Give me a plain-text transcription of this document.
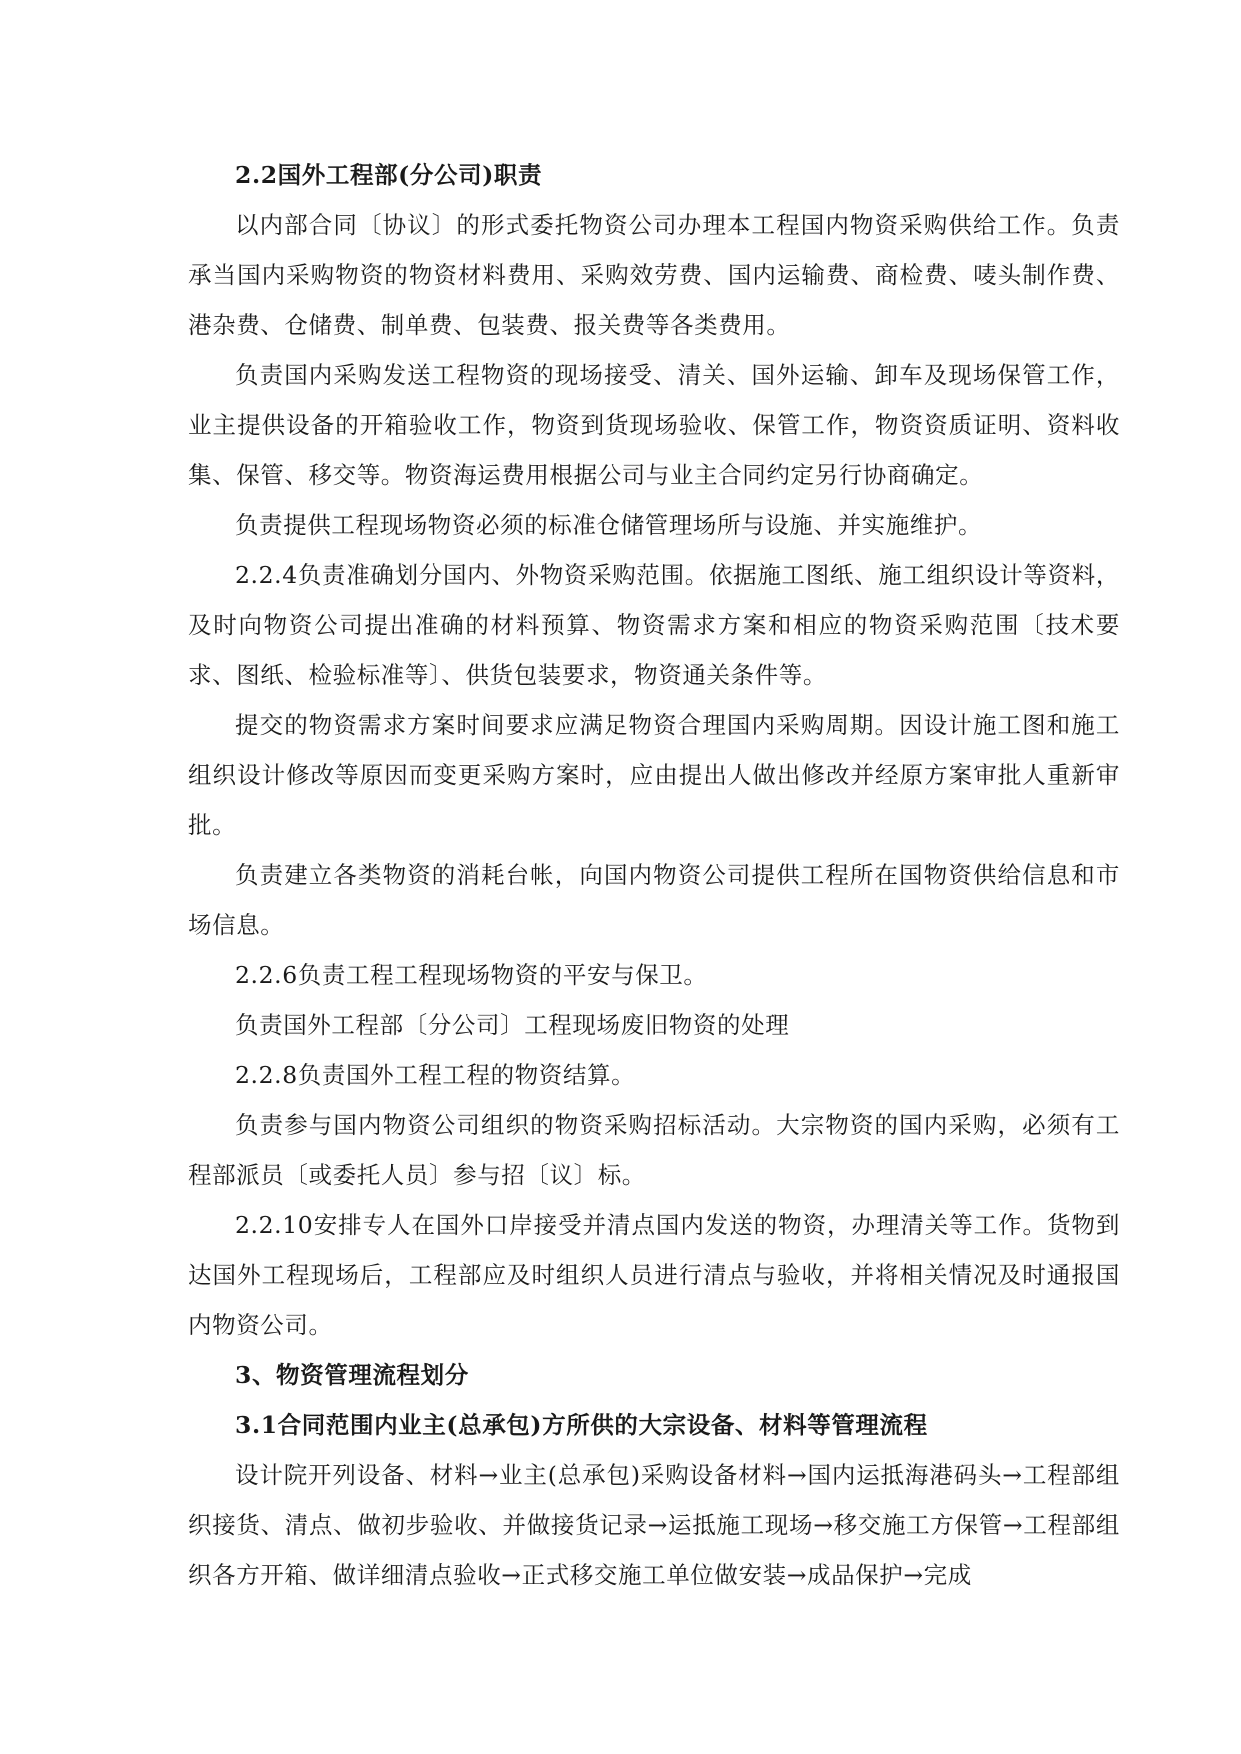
2.2国外工程部(分公司)职责

以内部合同〔协议〕的形式委托物资公司办理本工程国内物资采购供给工作。负责承当国内采购物资的物资材料费用、采购效劳费、国内运输费、商检费、唛头制作费、港杂费、仓储费、制单费、包装费、报关费等各类费用。

负责国内采购发送工程物资的现场接受、清关、国外运输、卸车及现场保管工作，业主提供设备的开箱验收工作，物资到货现场验收、保管工作，物资资质证明、资料收集、保管、移交等。物资海运费用根据公司与业主合同约定另行协商确定。

负责提供工程现场物资必须的标准仓储管理场所与设施、并实施维护。

2.2.4负责准确划分国内、外物资采购范围。依据施工图纸、施工组织设计等资料，及时向物资公司提出准确的材料预算、物资需求方案和相应的物资采购范围〔技术要求、图纸、检验标准等〕、供货包装要求，物资通关条件等。

提交的物资需求方案时间要求应满足物资合理国内采购周期。因设计施工图和施工组织设计修改等原因而变更采购方案时，应由提出人做出修改并经原方案审批人重新审批。

负责建立各类物资的消耗台帐，向国内物资公司提供工程所在国物资供给信息和市场信息。

2.2.6负责工程工程现场物资的平安与保卫。

负责国外工程部〔分公司〕工程现场废旧物资的处理

2.2.8负责国外工程工程的物资结算。

负责参与国内物资公司组织的物资采购招标活动。大宗物资的国内采购，必须有工程部派员〔或委托人员〕参与招〔议〕标。

2.2.10安排专人在国外口岸接受并清点国内发送的物资，办理清关等工作。货物到达国外工程现场后，工程部应及时组织人员进行清点与验收，并将相关情况及时通报国内物资公司。

3、物资管理流程划分

3.1合同范围内业主(总承包)方所供的大宗设备、材料等管理流程

设计院开列设备、材料→业主(总承包)采购设备材料→国内运抵海港码头→工程部组织接货、清点、做初步验收、并做接货记录→运抵施工现场→移交施工方保管→工程部组织各方开箱、做详细清点验收→正式移交施工单位做安装→成品保护→完成
